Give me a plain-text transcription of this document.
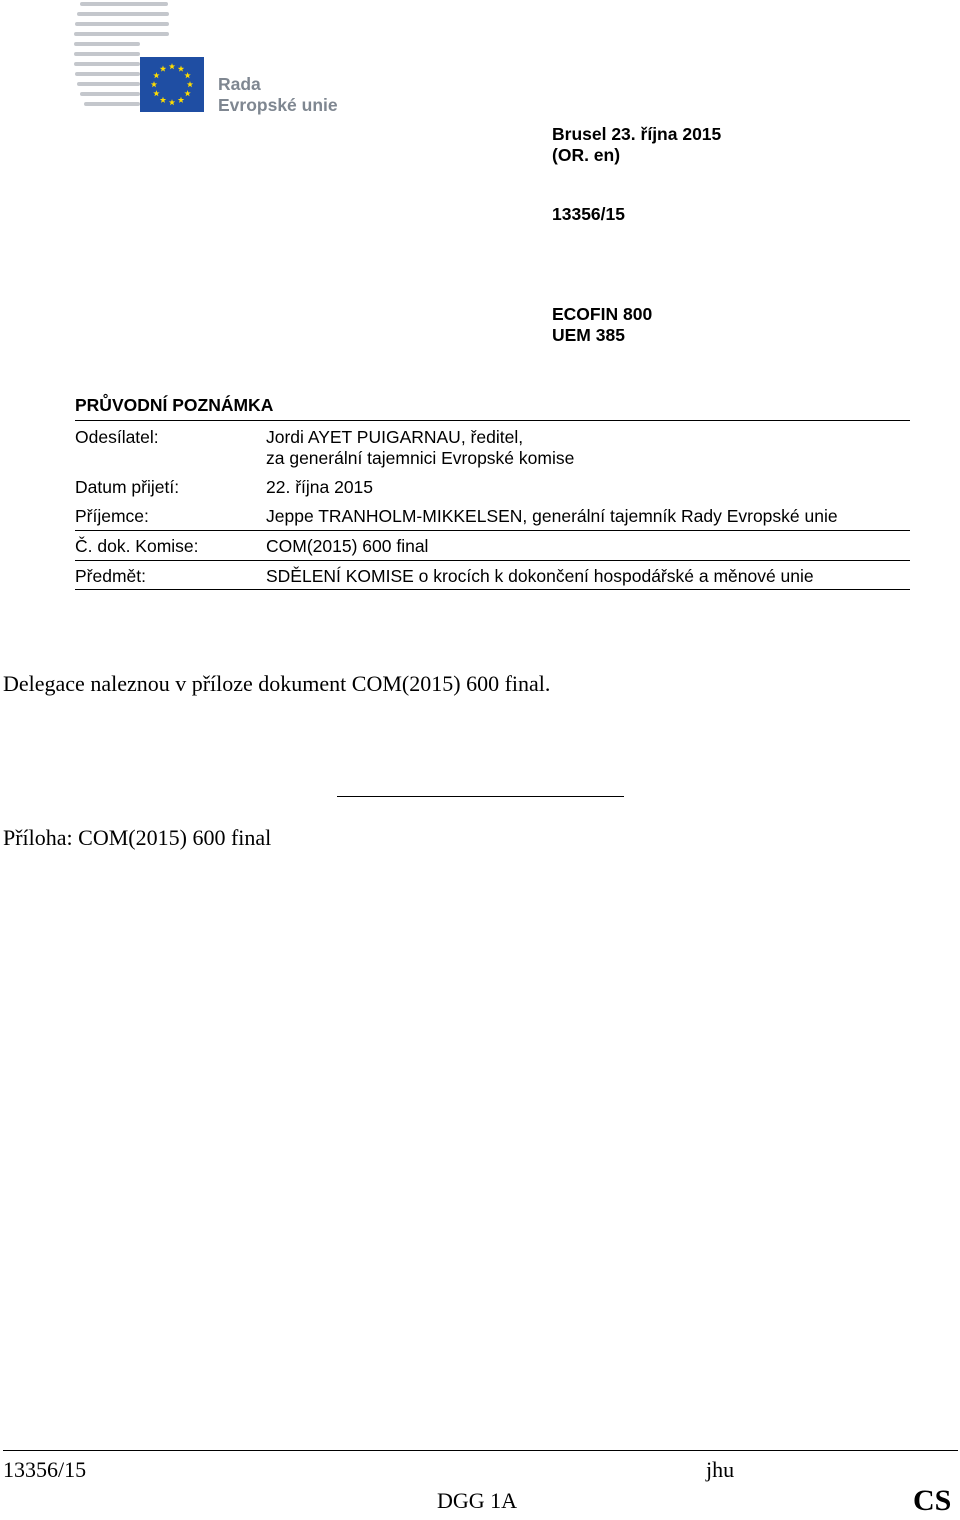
Rada
Evropské unie
Brusel 23. října 2015
(OR. en)
13356/15
ECOFIN 800
UEM 385
PRŮVODNÍ POZNÁMKA
Odesílatel:	Jordi AYET PUIGARNAU, ředitel,
za generální tajemnici Evropské komise
Datum přijetí:	22. října 2015
Příjemce:	Jeppe TRANHOLM-MIKKELSEN, generální tajemník Rady Evropské unie
Č. dok. Komise:	COM(2015) 600 final
Předmět:	SDĚLENÍ KOMISE o krocích k dokončení hospodářské a měnové unie
Delegace naleznou v příloze dokument COM(2015) 600 final.
Příloha: COM(2015) 600 final
13356/15	jhu
DGG 1A	CS
